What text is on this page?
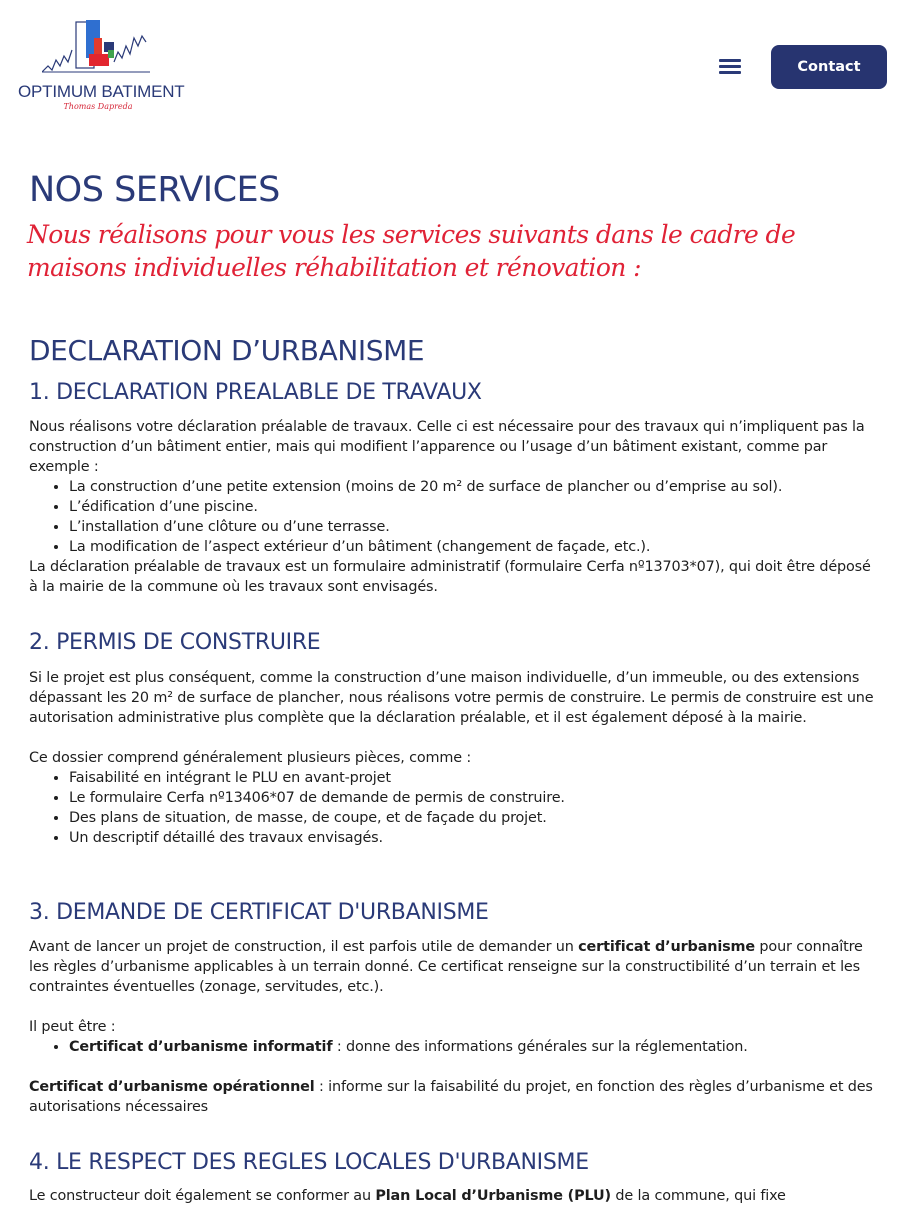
OPTIMUM BATIMENT
Thomas Dapreda
Contact
NOS SERVICES
Nous réalisons pour vous les services suivants dans le cadre de maisons individuelles réhabilitation et rénovation :
DECLARATION D’URBANISME
1. DECLARATION PREALABLE DE TRAVAUX

Nous réalisons votre déclaration préalable de travaux. Celle ci est nécessaire pour des travaux qui n’impliquent pas la construction d’un bâtiment entier, mais qui modifient l’apparence ou l’usage d’un bâtiment existant, comme par exemple :

• La construction d’une petite extension (moins de 20 m² de surface de plancher ou d’emprise au sol).
• L’édification d’une piscine.
• L’installation d’une clôture ou d’une terrasse.
• La modification de l’aspect extérieur d’un bâtiment (changement de façade, etc.).

La déclaration préalable de travaux est un formulaire administratif (formulaire Cerfa nº13703*07), qui doit être déposé à la mairie de la commune où les travaux sont envisagés.

2. PERMIS DE CONSTRUIRE

Si le projet est plus conséquent, comme la construction d’une maison individuelle, d’un immeuble, ou des extensions dépassant les 20 m² de surface de plancher, nous réalisons votre permis de construire. Le permis de construire est une autorisation administrative plus complète que la déclaration préalable, et il est également déposé à la mairie.

Ce dossier comprend généralement plusieurs pièces, comme :

• Faisabilité en intégrant le PLU en avant-projet
• Le formulaire Cerfa nº13406*07 de demande de permis de construire.
• Des plans de situation, de masse, de coupe, et de façade du projet.
• Un descriptif détaillé des travaux envisagés.
3. DEMANDE DE CERTIFICAT D'URBANISME

Avant de lancer un projet de construction, il est parfois utile de demander un certificat d’urbanisme pour connaître les règles d’urbanisme applicables à un terrain donné. Ce certificat renseigne sur la constructibilité d’un terrain et les contraintes éventuelles (zonage, servitudes, etc.).

Il peut être :

• Certificat d’urbanisme informatif : donne des informations générales sur la réglementation.

Certificat d’urbanisme opérationnel : informe sur la faisabilité du projet, en fonction des règles d’urbanisme et des autorisations nécessaires

4. LE RESPECT DES REGLES LOCALES D'URBANISME

Le constructeur doit également se conformer au Plan Local d’Urbanisme (PLU) de la commune, qui fixe
